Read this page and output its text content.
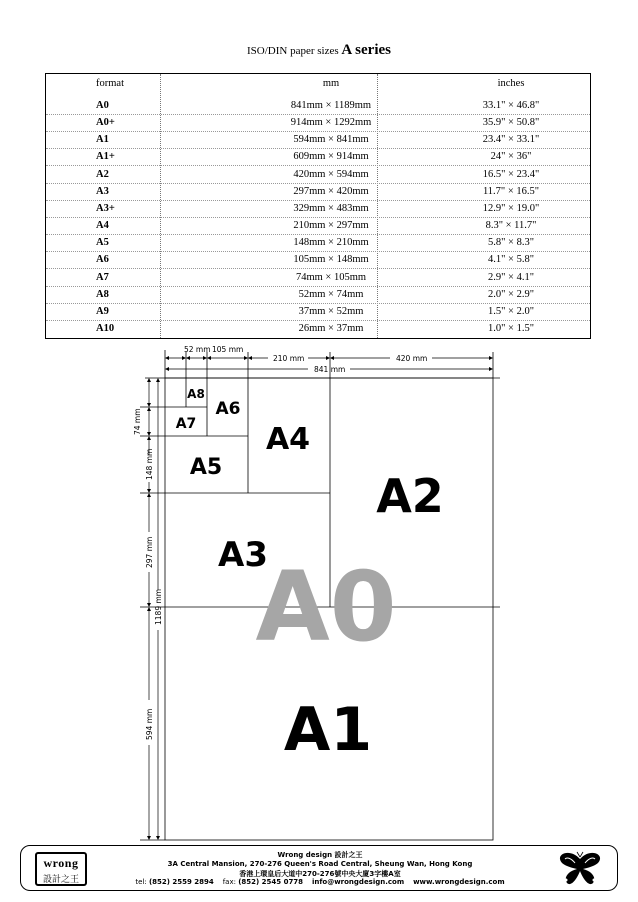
ISO/DIN paper sizes A series
format	mm	inches
A0	841mm × 1189mm	33.1" × 46.8"
A0+	914mm × 1292mm	35.9" × 50.8"
A1	594mm × 841mm	23.4" × 33.1"
A1+	609mm × 914mm	24" × 36"
A2	420mm × 594mm	16.5" × 23.4"
A3	297mm × 420mm	11.7" × 16.5"
A3+	329mm × 483mm	12.9" × 19.0"
A4	210mm × 297mm	8.3" × 11.7"
A5	148mm × 210mm	5.8" × 8.3"
A6	105mm × 148mm	4.1" × 5.8"
A7	74mm × 105mm	2.9" × 4.1"
A8	52mm × 74mm	2.0" × 2.9"
A9	37mm × 52mm	1.5" × 2.0"
A10	26mm × 37mm	1.0" × 1.5"
52 mm 105 mm
210 mm	420 mm
841 mm
74 mm
148 mm
297 mm
1189 mm
594 mm
A0
A1
A2
A3
A4
A5
A6
A7
A8
wrong
設計之王
Wrong design 設計之王
3A Central Mansion, 270-276 Queen's Road Central, Sheung Wan, Hong Kong
香港上環皇后大道中270-276號中央大廈3字樓A室
tel: (852) 2559 2894 fax: (852) 2545 0778 info@wrongdesign.com www.wrongdesign.com
